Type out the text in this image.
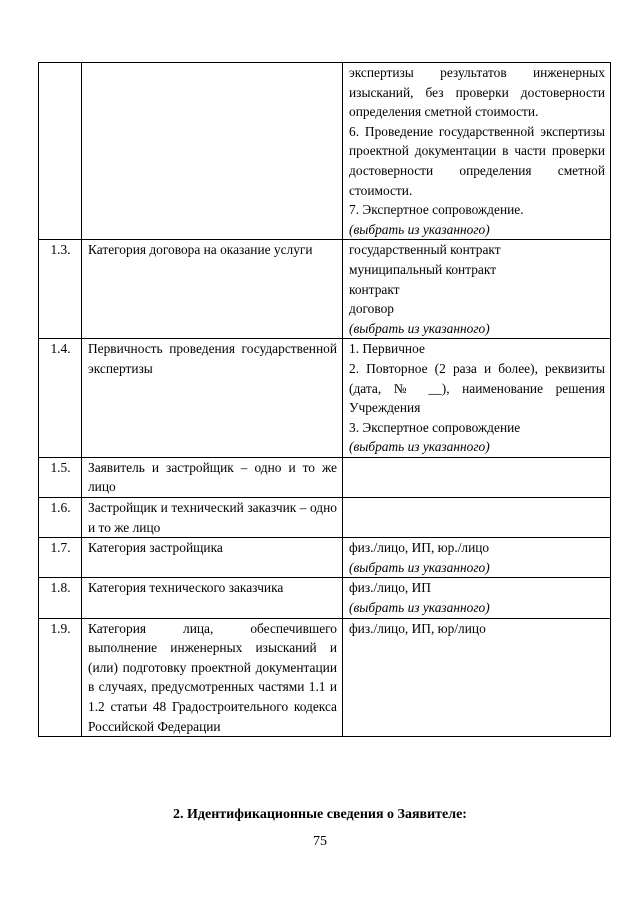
		экспертизы результатов инженерных изысканий, без проверки достоверности определения сметной стоимости.
6. Проведение государственной экспертизы проектной документации в части проверки достоверности определения сметной стоимости.
7. Экспертное сопровождение.
(выбрать из указанного)

1.3.	Категория договора на оказание услуги	государственный контракт
муниципальный контракт
контракт
договор
(выбрать из указанного)

1.4.	Первичность проведения государственной экспертизы	1. Первичное
2. Повторное (2 раза и более), реквизиты (дата, № __), наименование решения Учреждения
3. Экспертное сопровождение
(выбрать из указанного)

1.5.	Заявитель и застройщик – одно и то же лицо	
1.6.	Застройщик и технический заказчик – одно и то же лицо	
1.7.	Категория застройщика	физ./лицо, ИП, юр./лицо
(выбрать из указанного)

1.8.	Категория технического заказчика	физ./лицо, ИП
(выбрать из указанного)

1.9.	Категория лица, обеспечившего выполнение инженерных изысканий и (или) подготовку проектной документации в случаях, предусмотренных частями 1.1 и 1.2 статьи 48 Градостроительного кодекса Российской Федерации	физ./лицо, ИП, юр/лицо
2. Идентификационные сведения о Заявителе:
75
